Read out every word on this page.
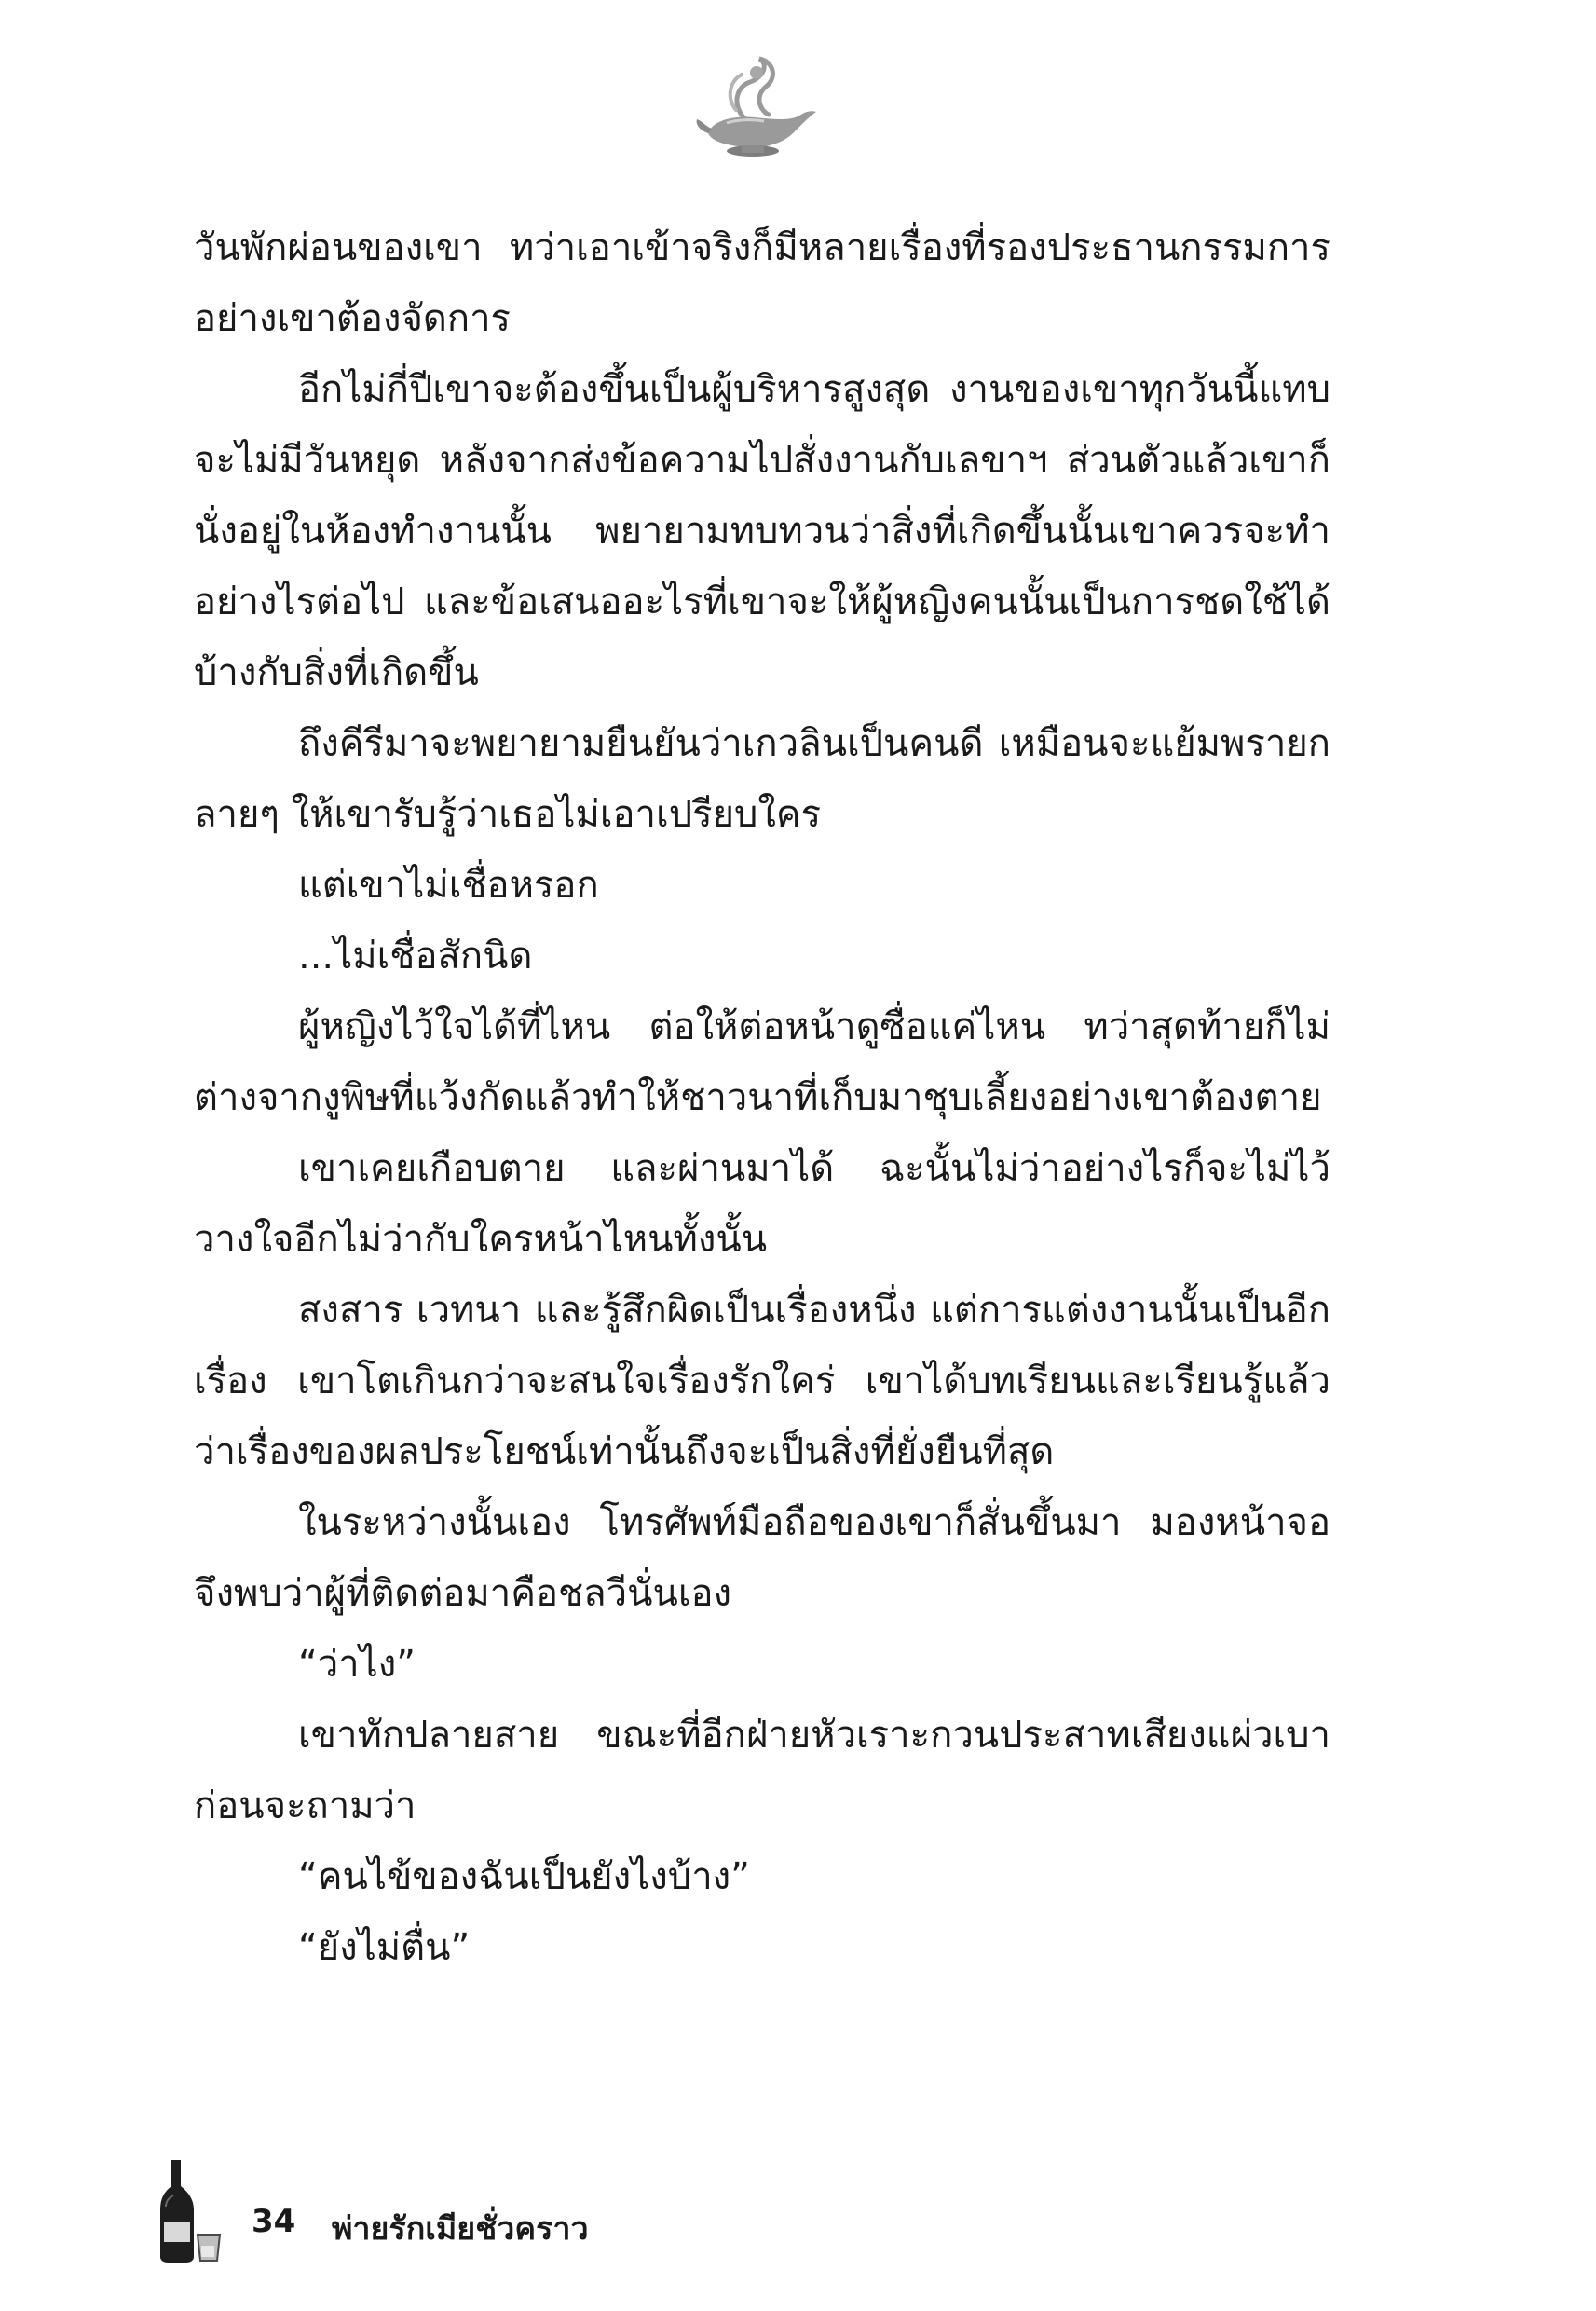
วันพักผ่อนของเขา ทว่าเอาเข้าจริงก็มีหลายเรื่องที่รองประธานกรรมการอย่างเขาต้องจัดการ

อีกไม่กี่ปีเขาจะต้องขึ้นเป็นผู้บริหารสูงสุด งานของเขาทุกวันนี้แทบจะไม่มีวันหยุด หลังจากส่งข้อความไปสั่งงานกับเลขาฯ ส่วนตัวแล้วเขาก็นั่งอยู่ในห้องทำงานนั้น พยายามทบทวนว่าสิ่งที่เกิดขึ้นนั้นเขาควรจะทำอย่างไรต่อไป และข้อเสนออะไรที่เขาจะให้ผู้หญิงคนนั้นเป็นการชดใช้ได้บ้างกับสิ่งที่เกิดขึ้น

ถึงคีรีมาจะพยายามยืนยันว่าเกวลินเป็นคนดี เหมือนจะแย้มพรายกลายๆ ให้เขารับรู้ว่าเธอไม่เอาเปรียบใคร

แต่เขาไม่เชื่อหรอก

...ไม่เชื่อสักนิด

ผู้หญิงไว้ใจได้ที่ไหน ต่อให้ต่อหน้าดูซื่อแค่ไหน ทว่าสุดท้ายก็ไม่ต่างจากงูพิษที่แว้งกัดแล้วทำให้ชาวนาที่เก็บมาชุบเลี้ยงอย่างเขาต้องตาย

เขาเคยเกือบตาย และผ่านมาได้ ฉะนั้นไม่ว่าอย่างไรก็จะไม่ไว้วางใจอีกไม่ว่ากับใครหน้าไหนทั้งนั้น

สงสาร เวทนา และรู้สึกผิดเป็นเรื่องหนึ่ง แต่การแต่งงานนั้นเป็นอีกเรื่อง เขาโตเกินกว่าจะสนใจเรื่องรักใคร่ เขาได้บทเรียนและเรียนรู้แล้วว่าเรื่องของผลประโยชน์เท่านั้นถึงจะเป็นสิ่งที่ยั่งยืนที่สุด

ในระหว่างนั้นเอง โทรศัพท์มือถือของเขาก็สั่นขึ้นมา มองหน้าจอจึงพบว่าผู้ที่ติดต่อมาคือชลวีนั่นเอง

“ว่าไง”

เขาทักปลายสาย ขณะที่อีกฝ่ายหัวเราะกวนประสาทเสียงแผ่วเบาก่อนจะถามว่า

“คนไข้ของฉันเป็นยังไงบ้าง”

“ยังไม่ตื่น”

34 พ่ายรักเมียชั่วคราว
